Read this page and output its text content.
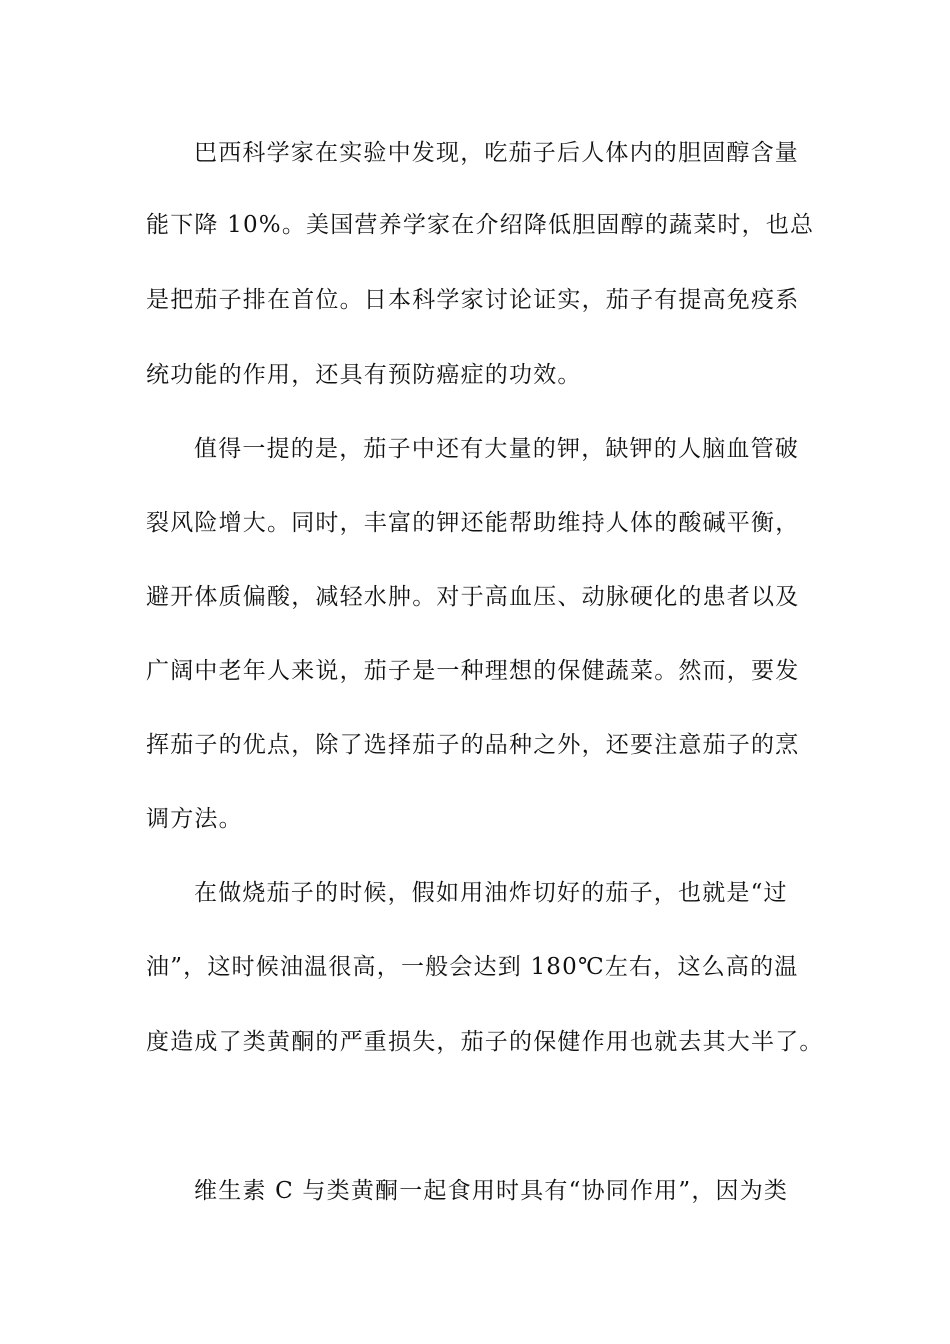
巴西科学家在实验中发现，吃茄子后人体内的胆固醇含量
能下降 10%。美国营养学家在介绍降低胆固醇的蔬菜时，也总
是把茄子排在首位。日本科学家讨论证实，茄子有提高免疫系
统功能的作用，还具有预防癌症的功效。
值得一提的是，茄子中还有大量的钾，缺钾的人脑血管破
裂风险增大。同时，丰富的钾还能帮助维持人体的酸碱平衡，
避开体质偏酸，减轻水肿。对于高血压、动脉硬化的患者以及
广阔中老年人来说，茄子是一种理想的保健蔬菜。然而，要发
挥茄子的优点，除了选择茄子的品种之外，还要注意茄子的烹
调方法。
在做烧茄子的时候，假如用油炸切好的茄子，也就是“过
油”，这时候油温很高，一般会达到 180℃左右，这么高的温
度造成了类黄酮的严重损失，茄子的保健作用也就去其大半了。
维生素 C 与类黄酮一起食用时具有“协同作用”，因为类
